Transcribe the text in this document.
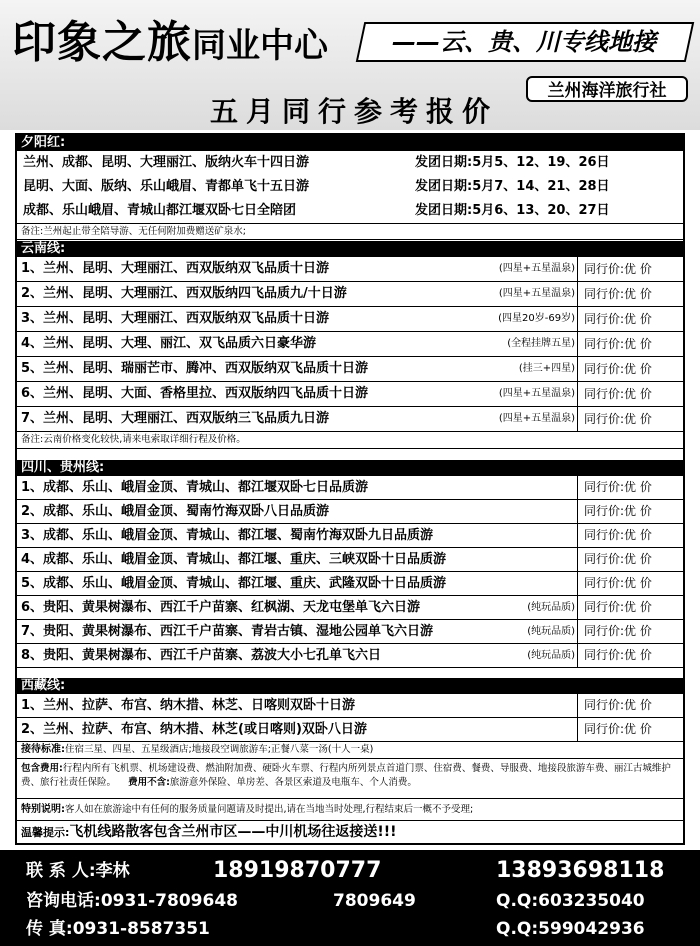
印象之旅同业中心	——云、贵、川专线地接
兰州海洋旅行社
五月同行参考报价
夕阳红:
兰州、成都、昆明、大理丽江、版纳火车十四日游	发团日期:5月5、12、19、26日
昆明、大面、版纳、乐山峨眉、青都单飞十五日游	发团日期:5月7、14、21、28日
成都、乐山峨眉、青城山都江堰双卧七日全陪团	发团日期:5月6、13、20、27日
备注:兰州起止带全陪导游、无任何附加费赠送矿泉水;
云南线:
1、兰州、昆明、大理丽江、西双版纳双飞品质十日游	(四星+五星温泉) 同行价:优 价
2、兰州、昆明、大理丽江、西双版纳四飞品质九/十日游	(四星+五星温泉) 同行价:优 价
3、兰州、昆明、大理丽江、西双版纳双飞品质十日游	(四星20岁-69岁) 同行价:优 价
4、兰州、昆明、大理、丽江、双飞品质六日豪华游	(全程挂牌五星) 同行价:优 价
5、兰州、昆明、瑞丽芒市、腾冲、西双版纳双飞品质十日游	(挂三+四星) 同行价:优 价
6、兰州、昆明、大面、香格里拉、西双版纳四飞品质十日游	(四星+五星温泉) 同行价:优 价
7、兰州、昆明、大理丽江、西双版纳三飞品质九日游	(四星+五星温泉) 同行价:优 价
备注:云南价格变化较快,请来电索取详细行程及价格。
四川、贵州线:
1、成都、乐山、峨眉金顶、青城山、都江堰双卧七日品质游	同行价:优 价
2、成都、乐山、峨眉金顶、蜀南竹海双卧八日品质游	同行价:优 价
3、成都、乐山、峨眉金顶、青城山、都江堰、蜀南竹海双卧九日品质游	同行价:优 价
4、成都、乐山、峨眉金顶、青城山、都江堰、重庆、三峡双卧十日品质游	同行价:优 价
5、成都、乐山、峨眉金顶、青城山、都江堰、重庆、武隆双卧十日品质游	同行价:优 价
6、贵阳、黄果树瀑布、西江千户苗寨、红枫湖、天龙屯堡单飞六日游	(纯玩品质) 同行价:优 价
7、贵阳、黄果树瀑布、西江千户苗寨、青岩古镇、湿地公园单飞六日游	(纯玩品质) 同行价:优 价
8、贵阳、黄果树瀑布、西江千户苗寨、荔波大小七孔单飞六日	(纯玩品质) 同行价:优 价
西藏线:
1、兰州、拉萨、布宫、纳木措、林芝、日喀则双卧十日游	同行价:优 价
2、兰州、拉萨、布宫、纳木措、林芝(或日喀则)双卧八日游	同行价:优 价
接待标准:住宿三星、四星、五星级酒店;地接段空调旅游车;正餐八菜一汤(十人一桌)
包含费用:行程内所有飞机票、机场建设费、燃油附加费、硬卧火车票、行程内所列景点首道门票、住宿费、餐费、导服费、地接段旅游车费、丽江古城维护费、旅行社责任保险。 费用不含:旅游意外保险、单房差、各景区索道及电瓶车、个人消费。
特别说明:客人如在旅游途中有任何的服务质量问题请及时提出,请在当地当时处理,行程结束后一概不予受理;
温馨提示:飞机线路散客包含兰州市区——中川机场往返接送!!!
联 系 人:李林	18919870777	13893698118
咨询电话:0931-7809648	7809649	Q.Q:603235040
传 真:0931-8587351	Q.Q:599042936
